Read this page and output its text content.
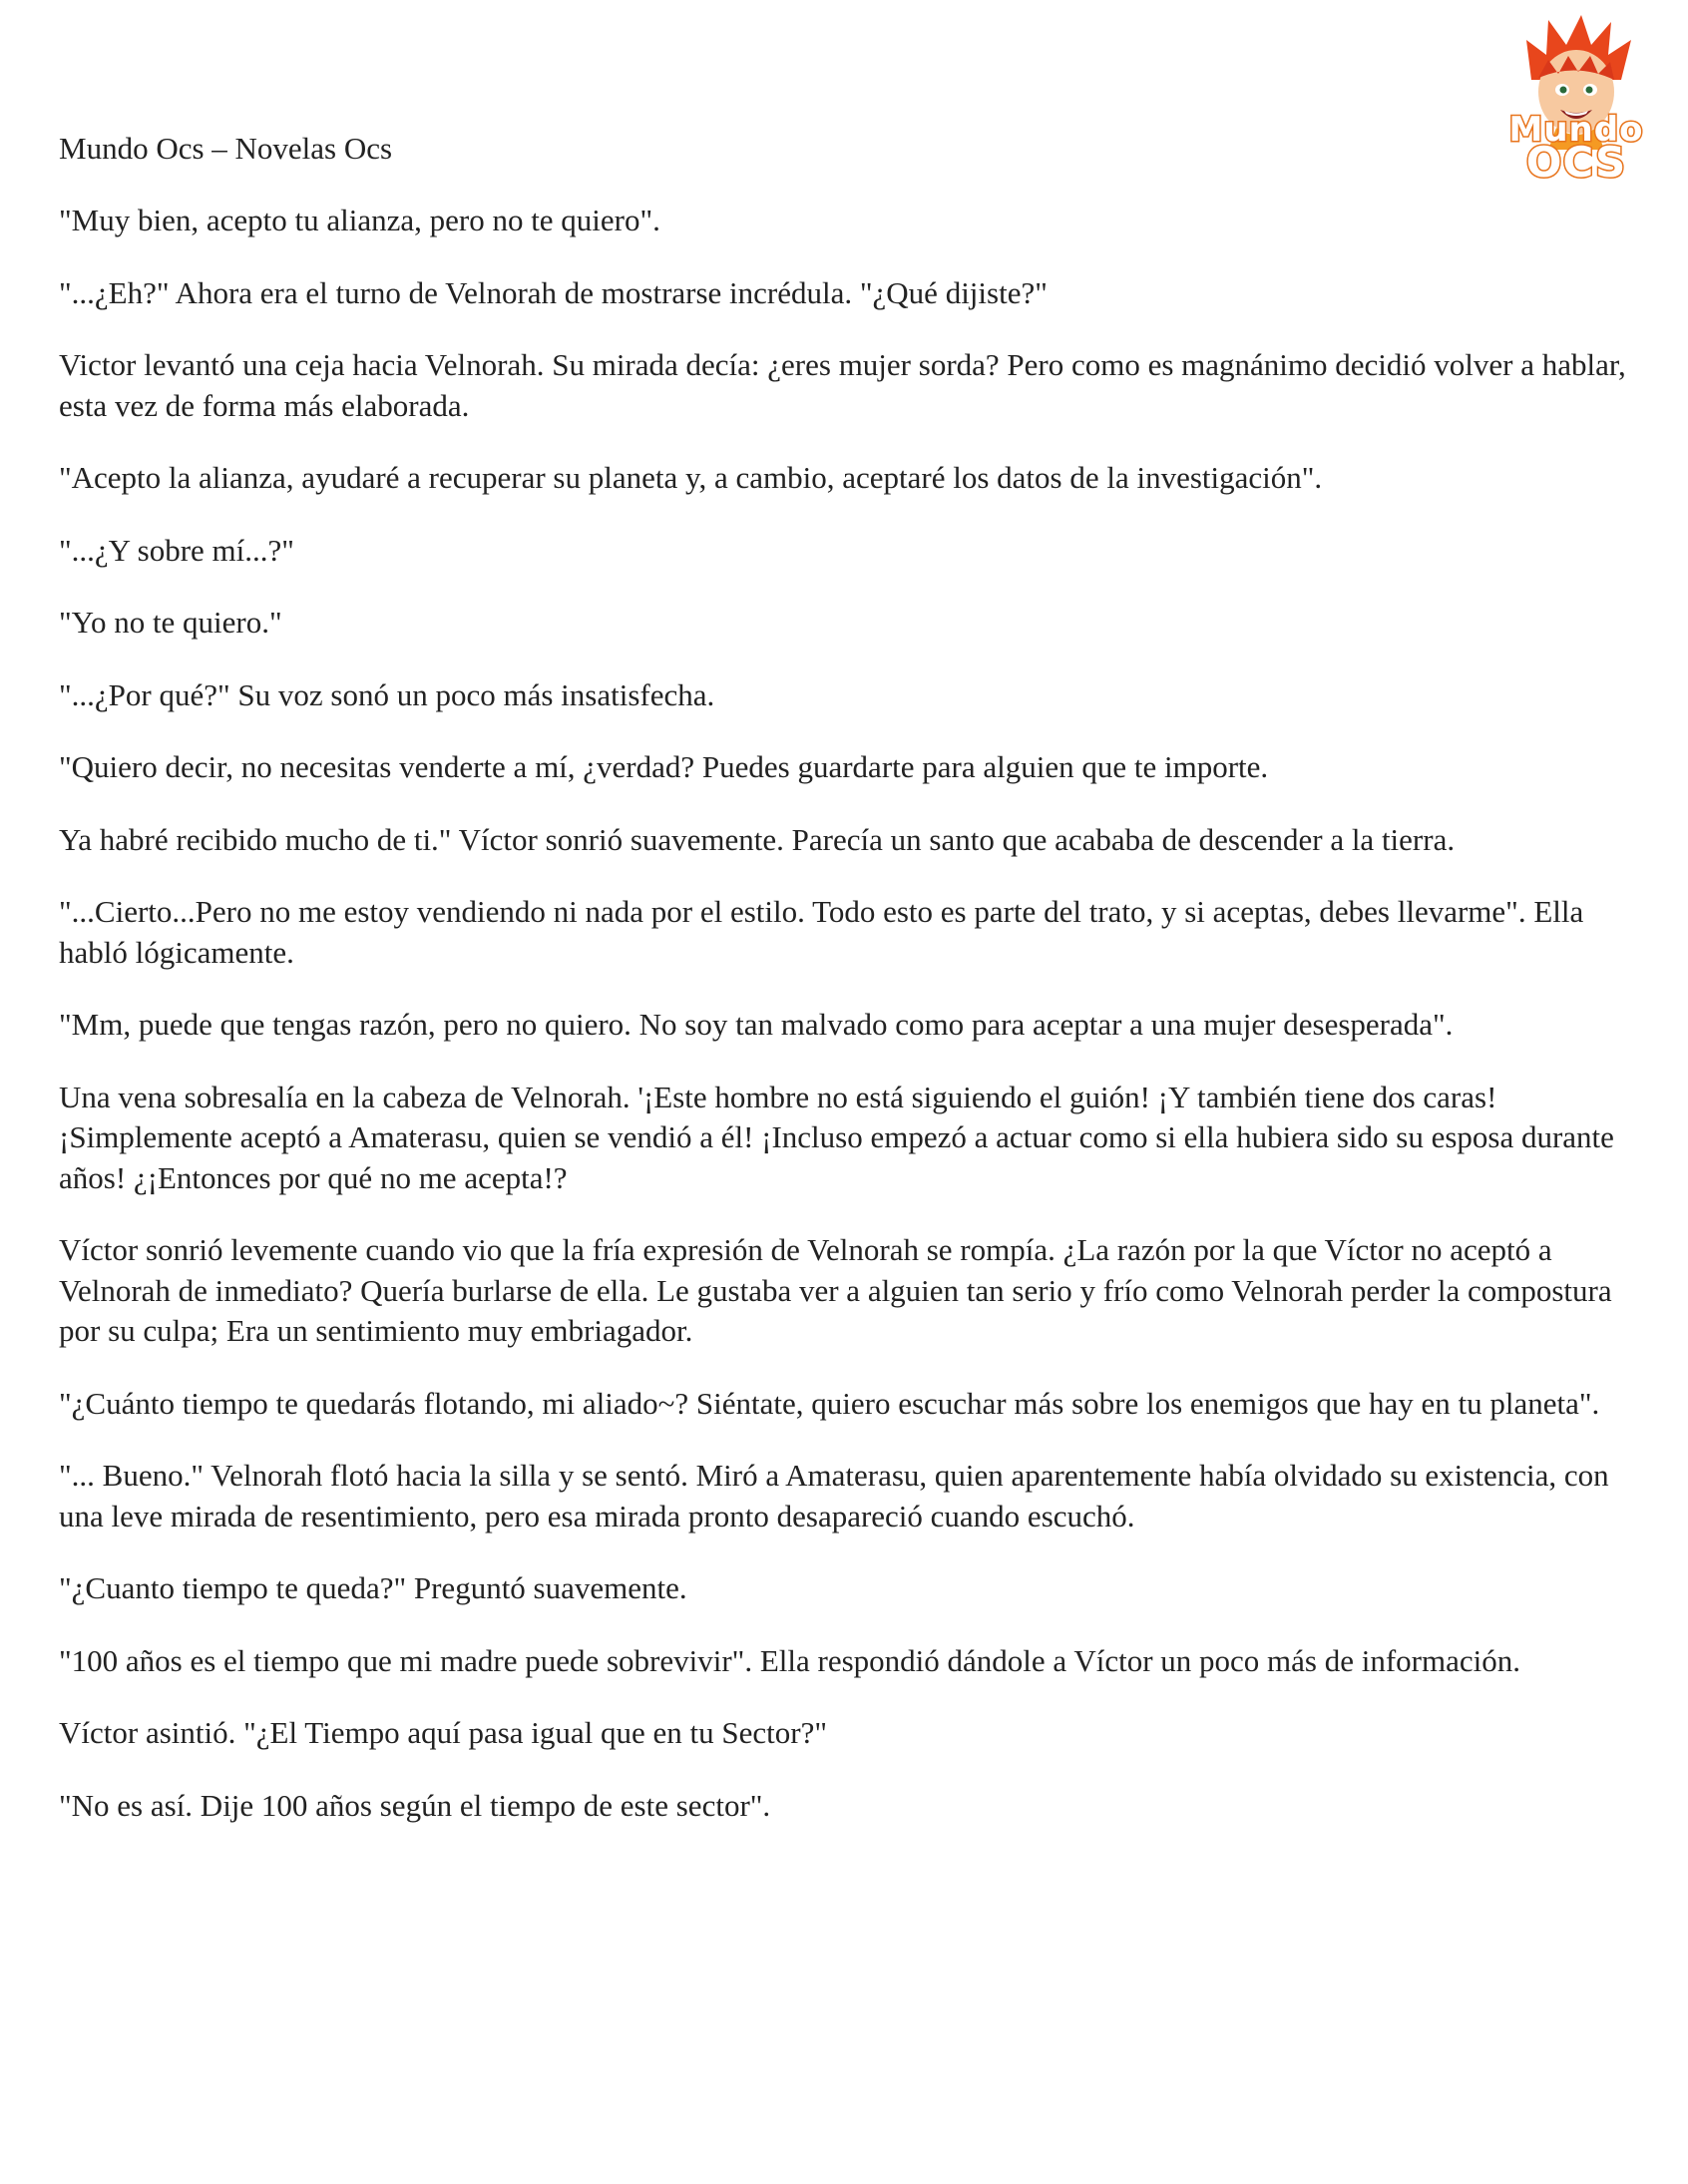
Mundo
OCS

Mundo Ocs – Novelas Ocs

"Muy bien, acepto tu alianza, pero no te quiero".

"...¿Eh?" Ahora era el turno de Velnorah de mostrarse incrédula. "¿Qué dijiste?"

Victor levantó una ceja hacia Velnorah. Su mirada decía: ¿eres mujer sorda? Pero como es magnánimo decidió volver a hablar, esta vez de forma más elaborada.

"Acepto la alianza, ayudaré a recuperar su planeta y, a cambio, aceptaré los datos de la investigación".

"...¿Y sobre mí...?"

"Yo no te quiero."

"...¿Por qué?" Su voz sonó un poco más insatisfecha.

"Quiero decir, no necesitas venderte a mí, ¿verdad? Puedes guardarte para alguien que te importe.

Ya habré recibido mucho de ti." Víctor sonrió suavemente. Parecía un santo que acababa de descender a la tierra.

"...Cierto...Pero no me estoy vendiendo ni nada por el estilo. Todo esto es parte del trato, y si aceptas, debes llevarme". Ella habló lógicamente.

"Mm, puede que tengas razón, pero no quiero. No soy tan malvado como para aceptar a una mujer desesperada".

Una vena sobresalía en la cabeza de Velnorah. '¡Este hombre no está siguiendo el guión! ¡Y también tiene dos caras! ¡Simplemente aceptó a Amaterasu, quien se vendió a él! ¡Incluso empezó a actuar como si ella hubiera sido su esposa durante años! ¿¡Entonces por qué no me acepta!?

Víctor sonrió levemente cuando vio que la fría expresión de Velnorah se rompía. ¿La razón por la que Víctor no aceptó a Velnorah de inmediato? Quería burlarse de ella. Le gustaba ver a alguien tan serio y frío como Velnorah perder la compostura por su culpa; Era un sentimiento muy embriagador.

"¿Cuánto tiempo te quedarás flotando, mi aliado~? Siéntate, quiero escuchar más sobre los enemigos que hay en tu planeta".

"... Bueno." Velnorah flotó hacia la silla y se sentó. Miró a Amaterasu, quien aparentemente había olvidado su existencia, con una leve mirada de resentimiento, pero esa mirada pronto desapareció cuando escuchó.

"¿Cuanto tiempo te queda?" Preguntó suavemente.

"100 años es el tiempo que mi madre puede sobrevivir". Ella respondió dándole a Víctor un poco más de información.

Víctor asintió. "¿El Tiempo aquí pasa igual que en tu Sector?"

"No es así. Dije 100 años según el tiempo de este sector".
